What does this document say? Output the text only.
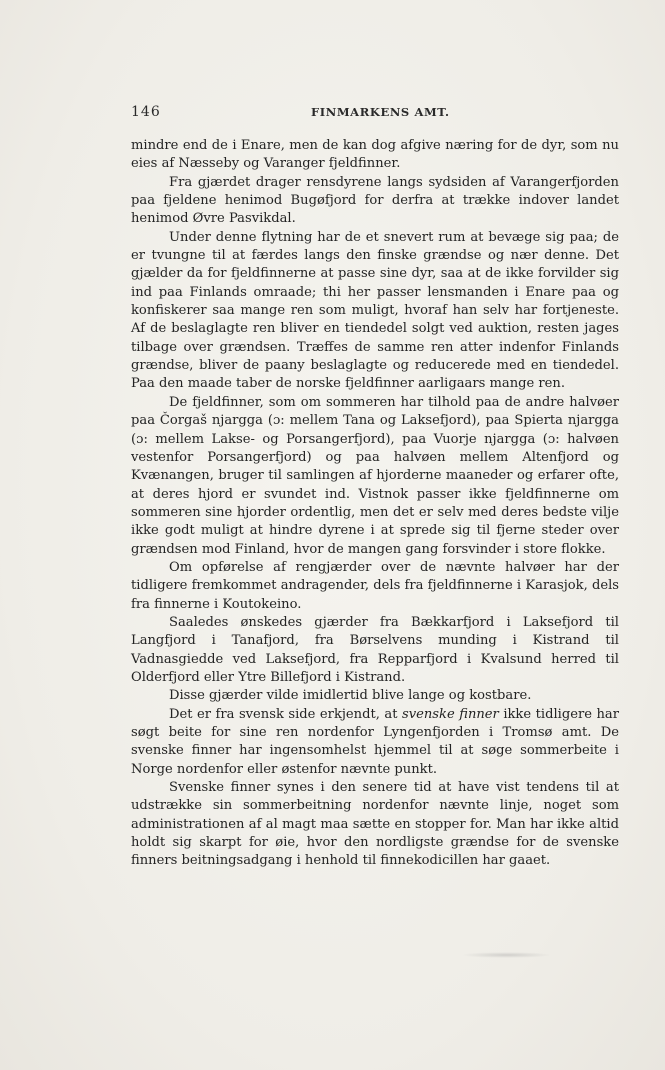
146	FINMARKENS AMT.

mindre end de i Enare, men de kan dog afgive næring for de dyr, som nu eies af Næsseby og Varanger fjeldfinner.

Fra gjærdet drager rensdyrene langs sydsiden af Varangerfjorden paa fjeldene henimod Bugøfjord for derfra at trække indover landet henimod Øvre Pasvikdal.

Under denne flytning har de et snevert rum at bevæge sig paa; de er tvungne til at færdes langs den finske grændse og nær denne. Det gjælder da for fjeldfinnerne at passe sine dyr, saa at de ikke forvilder sig ind paa Finlands omraade; thi her passer lensmanden i Enare paa og konfiskerer saa mange ren som muligt, hvoraf han selv har fortjeneste. Af de beslaglagte ren bliver en tiendedel solgt ved auktion, resten jages tilbage over grændsen. Træffes de samme ren atter indenfor Finlands grændse, bliver de paany beslaglagte og reducerede med en tiendedel. Paa den maade taber de norske fjeldfinner aarligaars mange ren.

De fjeldfinner, som om sommeren har tilhold paa de andre halvøer paa Čorgaš njargga (ɔ: mellem Tana og Laksefjord), paa Spierta njargga (ɔ: mellem Lakse- og Porsangerfjord), paa Vuorje njargga (ɔ: halvøen vestenfor Porsangerfjord) og paa halvøen mellem Altenfjord og Kvænangen, bruger til samlingen af hjorderne maaneder og erfarer ofte, at deres hjord er svundet ind. Vistnok passer ikke fjeldfinnerne om sommeren sine hjorder ordentlig, men det er selv med deres bedste vilje ikke godt muligt at hindre dyrene i at sprede sig til fjerne steder over grændsen mod Finland, hvor de mangen gang forsvinder i store flokke.

Om opførelse af rengjærder over de nævnte halvøer har der tidligere fremkommet andragender, dels fra fjeldfinnerne i Karasjok, dels fra finnerne i Koutokeino.

Saaledes ønskedes gjærder fra Bækkarfjord i Laksefjord til Langfjord i Tanafjord, fra Børselvens munding i Kistrand til Vadnasgiedde ved Laksefjord, fra Repparfjord i Kvalsund herred til Olderfjord eller Ytre Billefjord i Kistrand.

Disse gjærder vilde imidlertid blive lange og kostbare.

Det er fra svensk side erkjendt, at svenske finner ikke tidligere har søgt beite for sine ren nordenfor Lyngenfjorden i Tromsø amt. De svenske finner har ingensomhelst hjemmel til at søge sommerbeite i Norge nordenfor eller østenfor nævnte punkt.

Svenske finner synes i den senere tid at have vist tendens til at udstrække sin sommerbeitning nordenfor nævnte linje, noget som administrationen af al magt maa sætte en stopper for. Man har ikke altid holdt sig skarpt for øie, hvor den nordligste grændse for de svenske finners beitningsadgang i henhold til finnekodicillen har gaaet.
